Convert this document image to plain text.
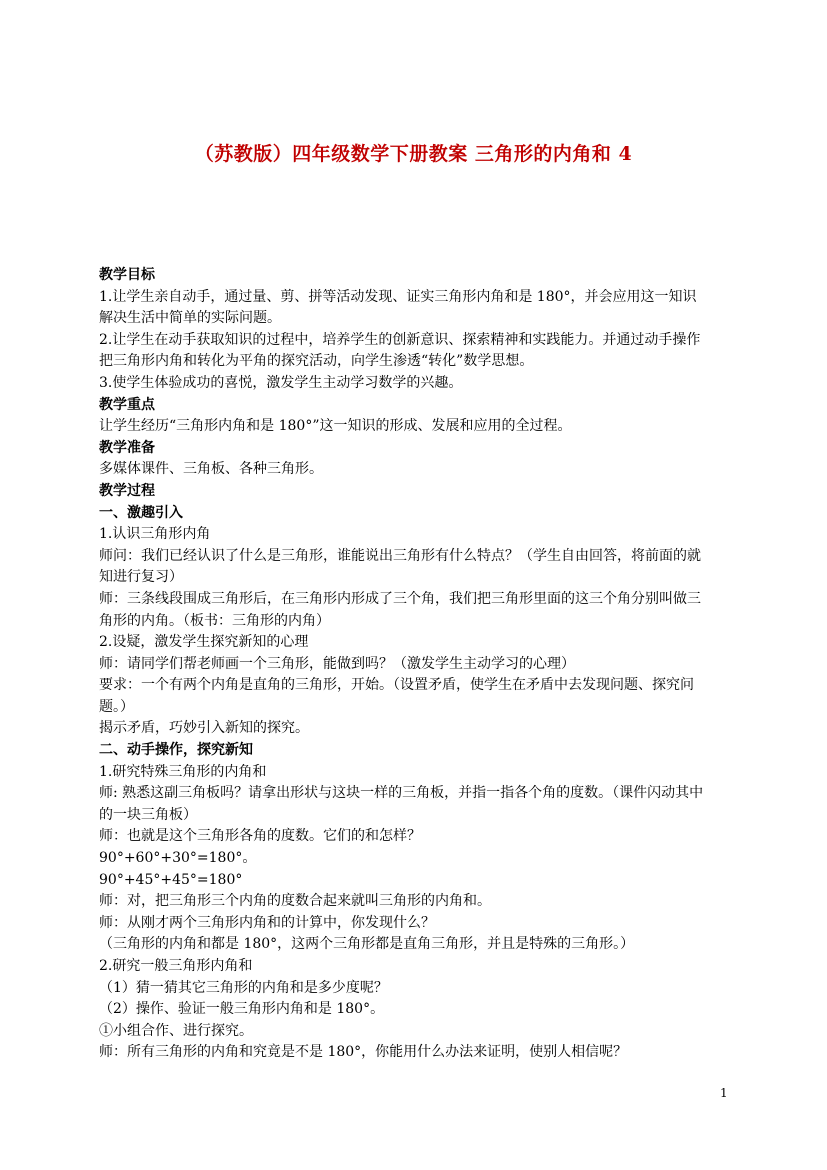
（苏教版）四年级数学下册教案 三角形的内角和 4
教学目标
1.让学生亲自动手，通过量、剪、拼等活动发现、证实三角形内角和是 180°，并会应用这一知识
解决生活中简单的实际问题。
2.让学生在动手获取知识的过程中，培养学生的创新意识、探索精神和实践能力。并通过动手操作
把三角形内角和转化为平角的探究活动，向学生渗透“转化”数学思想。
3.使学生体验成功的喜悦，激发学生主动学习数学的兴趣。
教学重点
让学生经历“三角形内角和是 180°”这一知识的形成、发展和应用的全过程。
教学准备
多媒体课件、三角板、各种三角形。
教学过程
一、激趣引入
1.认识三角形内角
师问：我们已经认识了什么是三角形，谁能说出三角形有什么特点？（学生自由回答，将前面的就
知进行复习）
师：三条线段围成三角形后，在三角形内形成了三个角，我们把三角形里面的这三个角分别叫做三
角形的内角。（板书：三角形的内角）
2.设疑，激发学生探究新知的心理
师：请同学们帮老师画一个三角形，能做到吗？（激发学生主动学习的心理）
要求：一个有两个内角是直角的三角形，开始。（设置矛盾，使学生在矛盾中去发现问题、探究问
题。）
揭示矛盾，巧妙引入新知的探究。
二、动手操作，探究新知
1.研究特殊三角形的内角和
师: 熟悉这副三角板吗？请拿出形状与这块一样的三角板，并指一指各个角的度数。（课件闪动其中
的一块三角板）
师：也就是这个三角形各角的度数。它们的和怎样？
90°+60°+30°=180°。
90°+45°+45°=180°
师：对，把三角形三个内角的度数合起来就叫三角形的内角和。
师：从刚才两个三角形内角和的计算中，你发现什么？
（三角形的内角和都是 180°，这两个三角形都是直角三角形，并且是特殊的三角形。）
2.研究一般三角形内角和
（1）猜一猜其它三角形的内角和是多少度呢？
（2）操作、验证一般三角形内角和是 180°。
①小组合作、进行探究。
师：所有三角形的内角和究竟是不是 180°，你能用什么办法来证明，使别人相信呢？
1
